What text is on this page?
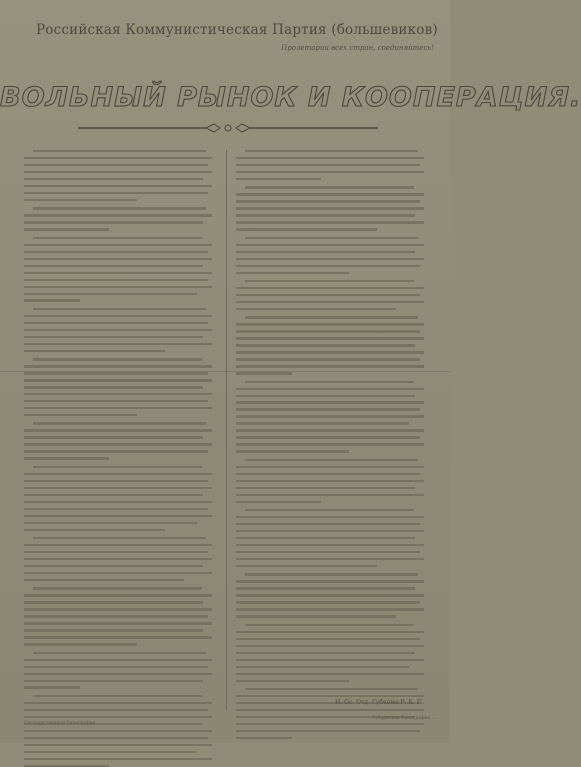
Российская Коммунистическая Партия (большевиков)
Пролетарии всех стран, соединяйтесь!
ВОЛЬНЫЙ РЫНОК И КООПЕРАЦИЯ.
Н. Ос. Отд. Губкома Р. К. П.
Государственная Типография
Губернская Типография ...
